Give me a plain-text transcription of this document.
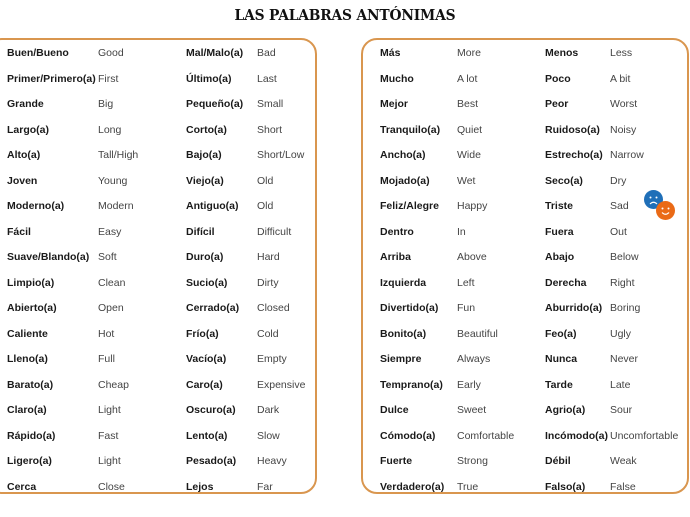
LAS PALABRAS ANTÓNIMAS
Buen/Bueno	Good	Mal/Malo(a) Bad
Primer/Primero(a) First	Último(a) Last
Grande	Big	Pequeño(a) Small
Largo(a)	Long	Corto(a)	Short
Alto(a)	Tall/High	Bajo(a)	Short/Low
Joven	Young	Viejo(a)	Old
Moderno(a)	Modern	Antiguo(a) Old
Fácil	Easy	Difícil	Difficult
Suave/Blando(a) Soft	Duro(a)	Hard
Limpio(a)	Clean	Sucio(a)	Dirty
Abierto(a)	Open	Cerrado(a) Closed
Caliente	Hot	Frío(a)	Cold
Lleno(a)	Full	Vacío(a)	Empty
Barato(a)	Cheap	Caro(a)	Expensive
Claro(a)	Light	Oscuro(a) Dark
Rápido(a)	Fast	Lento(a)	Slow
Ligero(a)	Light	Pesado(a) Heavy
Cerca	Close	Lejos	Far
Más	More	Menos	Less
Mucho	A lot	Poco	A bit
Mejor	Best	Peor	Worst
Tranquilo(a) Quiet	Ruidoso(a) Noisy
Ancho(a)	Wide	Estrecho(a) Narrow
Mojado(a)	Wet	Seco(a)	Dry
Feliz/Alegre Happy	Triste	Sad
Dentro	In	Fuera	Out
Arriba	Above	Abajo	Below
Izquierda	Left	Derecha Right
Divertido(a) Fun	Aburrido(a) Boring
Bonito(a)	Beautiful	Feo(a)	Ugly
Siempre	Always	Nunca	Never
Temprano(a) Early	Tarde	Late
Dulce	Sweet	Agrio(a) Sour
Cómodo(a) Comfortable	Incómodo(a) Uncomfortable
Fuerte	Strong	Débil	Weak
Verdadero(a) True	Falso(a) False
